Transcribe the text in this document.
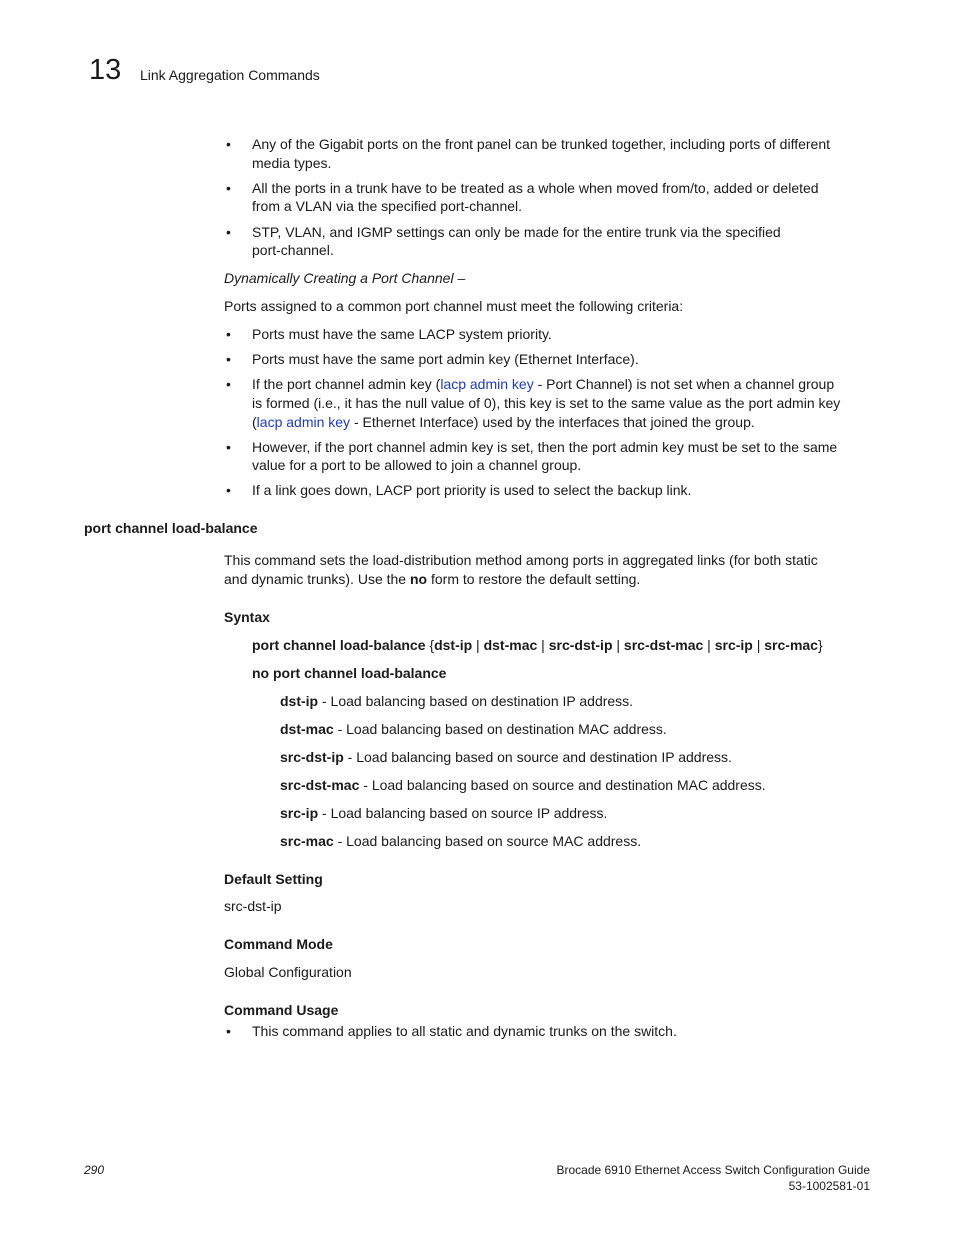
13 Link Aggregation Commands
• Any of the Gigabit ports on the front panel can be trunked together, including ports of different
media types.
• All the ports in a trunk have to be treated as a whole when moved from/to, added or deleted
from a VLAN via the specified port-channel.
• STP, VLAN, and IGMP settings can only be made for the entire trunk via the specified
port-channel.
Dynamically Creating a Port Channel –
Ports assigned to a common port channel must meet the following criteria:
• Ports must have the same LACP system priority.
• Ports must have the same port admin key (Ethernet Interface).
• If the port channel admin key (lacp admin key - Port Channel) is not set when a channel group
is formed (i.e., it has the null value of 0), this key is set to the same value as the port admin key
(lacp admin key - Ethernet Interface) used by the interfaces that joined the group.
• However, if the port channel admin key is set, then the port admin key must be set to the same
value for a port to be allowed to join a channel group.
• If a link goes down, LACP port priority is used to select the backup link.
port channel load-balance
This command sets the load-distribution method among ports in aggregated links (for both static
and dynamic trunks). Use the no form to restore the default setting.
Syntax
port channel load-balance {dst-ip | dst-mac | src-dst-ip | src-dst-mac | src-ip | src-mac}
no port channel load-balance
dst-ip - Load balancing based on destination IP address.
dst-mac - Load balancing based on destination MAC address.
src-dst-ip - Load balancing based on source and destination IP address.
src-dst-mac - Load balancing based on source and destination MAC address.
src-ip - Load balancing based on source IP address.
src-mac - Load balancing based on source MAC address.
Default Setting
src-dst-ip
Command Mode
Global Configuration
Command Usage
• This command applies to all static and dynamic trunks on the switch.
290	Brocade 6910 Ethernet Access Switch Configuration Guide
53-1002581-01
